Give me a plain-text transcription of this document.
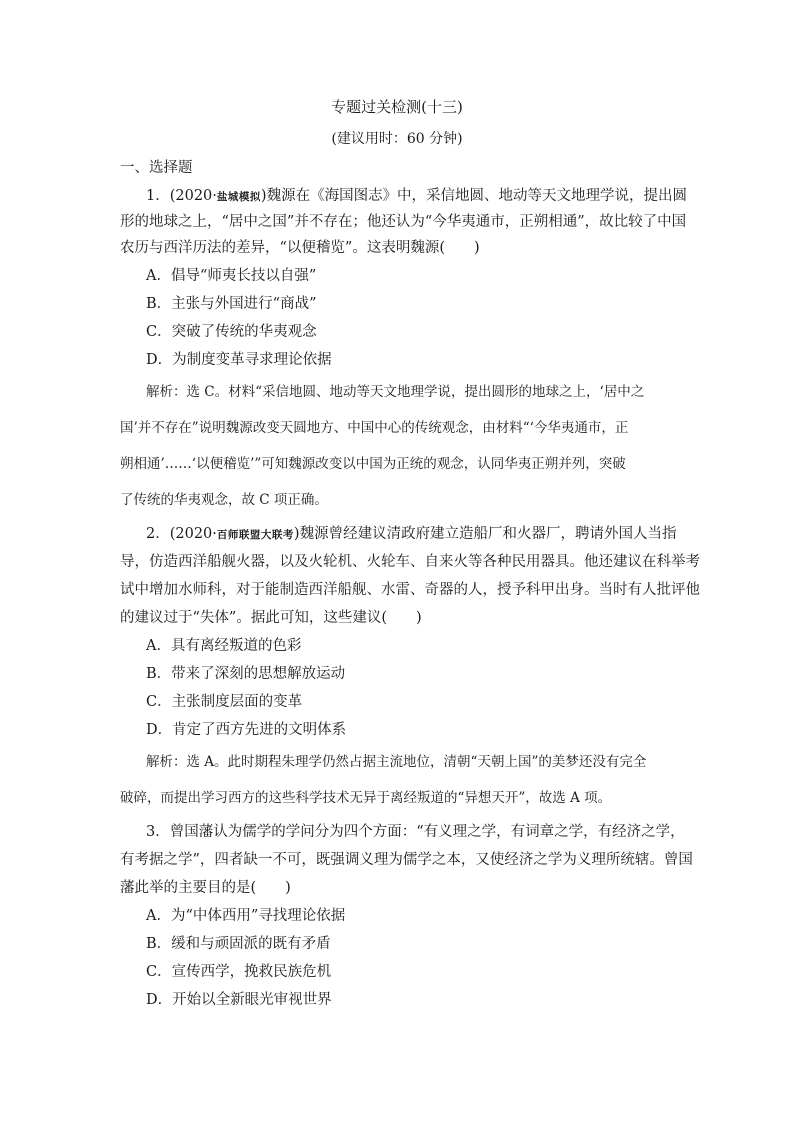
专题过关检测(十三)
(建议用时：60 分钟)
一、选择题
1．(2020·盐城模拟)魏源在《海国图志》中，采信地圆、地动等天文地理学说，提出圆
形的地球之上，“居中之国”并不存在；他还认为“今华夷通市，正朔相通”，故比较了中国
农历与西洋历法的差异，“以便稽览”。这表明魏源(　　)
A．倡导“师夷长技以自强”
B．主张与外国进行“商战”
C．突破了传统的华夷观念
D．为制度变革寻求理论依据
解析：选 C。材料“采信地圆、地动等天文地理学说，提出圆形的地球之上，‘居中之
国’并不存在”说明魏源改变天圆地方、中国中心的传统观念，由材料“‘今华夷通市，正
朔相通’……‘以便稽览’”可知魏源改变以中国为正统的观念，认同华夷正朔并列，突破
了传统的华夷观念，故 C 项正确。
2．(2020·百师联盟大联考)魏源曾经建议清政府建立造船厂和火器厂，聘请外国人当指
导，仿造西洋船舰火器，以及火轮机、火轮车、自来火等各种民用器具。他还建议在科举考
试中增加水师科，对于能制造西洋船舰、水雷、奇器的人，授予科甲出身。当时有人批评他
的建议过于“失体”。据此可知，这些建议(　　)
A．具有离经叛道的色彩
B．带来了深刻的思想解放运动
C．主张制度层面的变革
D．肯定了西方先进的文明体系
解析：选 A。此时期程朱理学仍然占据主流地位，清朝“天朝上国”的美梦还没有完全
破碎，而提出学习西方的这些科学技术无异于离经叛道的“异想天开”，故选 A 项。
3．曾国藩认为儒学的学问分为四个方面：“有义理之学，有词章之学，有经济之学，
有考据之学”，四者缺一不可，既强调义理为儒学之本，又使经济之学为义理所统辖。曾国
藩此举的主要目的是(　　)
A．为“中体西用”寻找理论依据
B．缓和与顽固派的既有矛盾
C．宣传西学，挽救民族危机
D．开始以全新眼光审视世界
